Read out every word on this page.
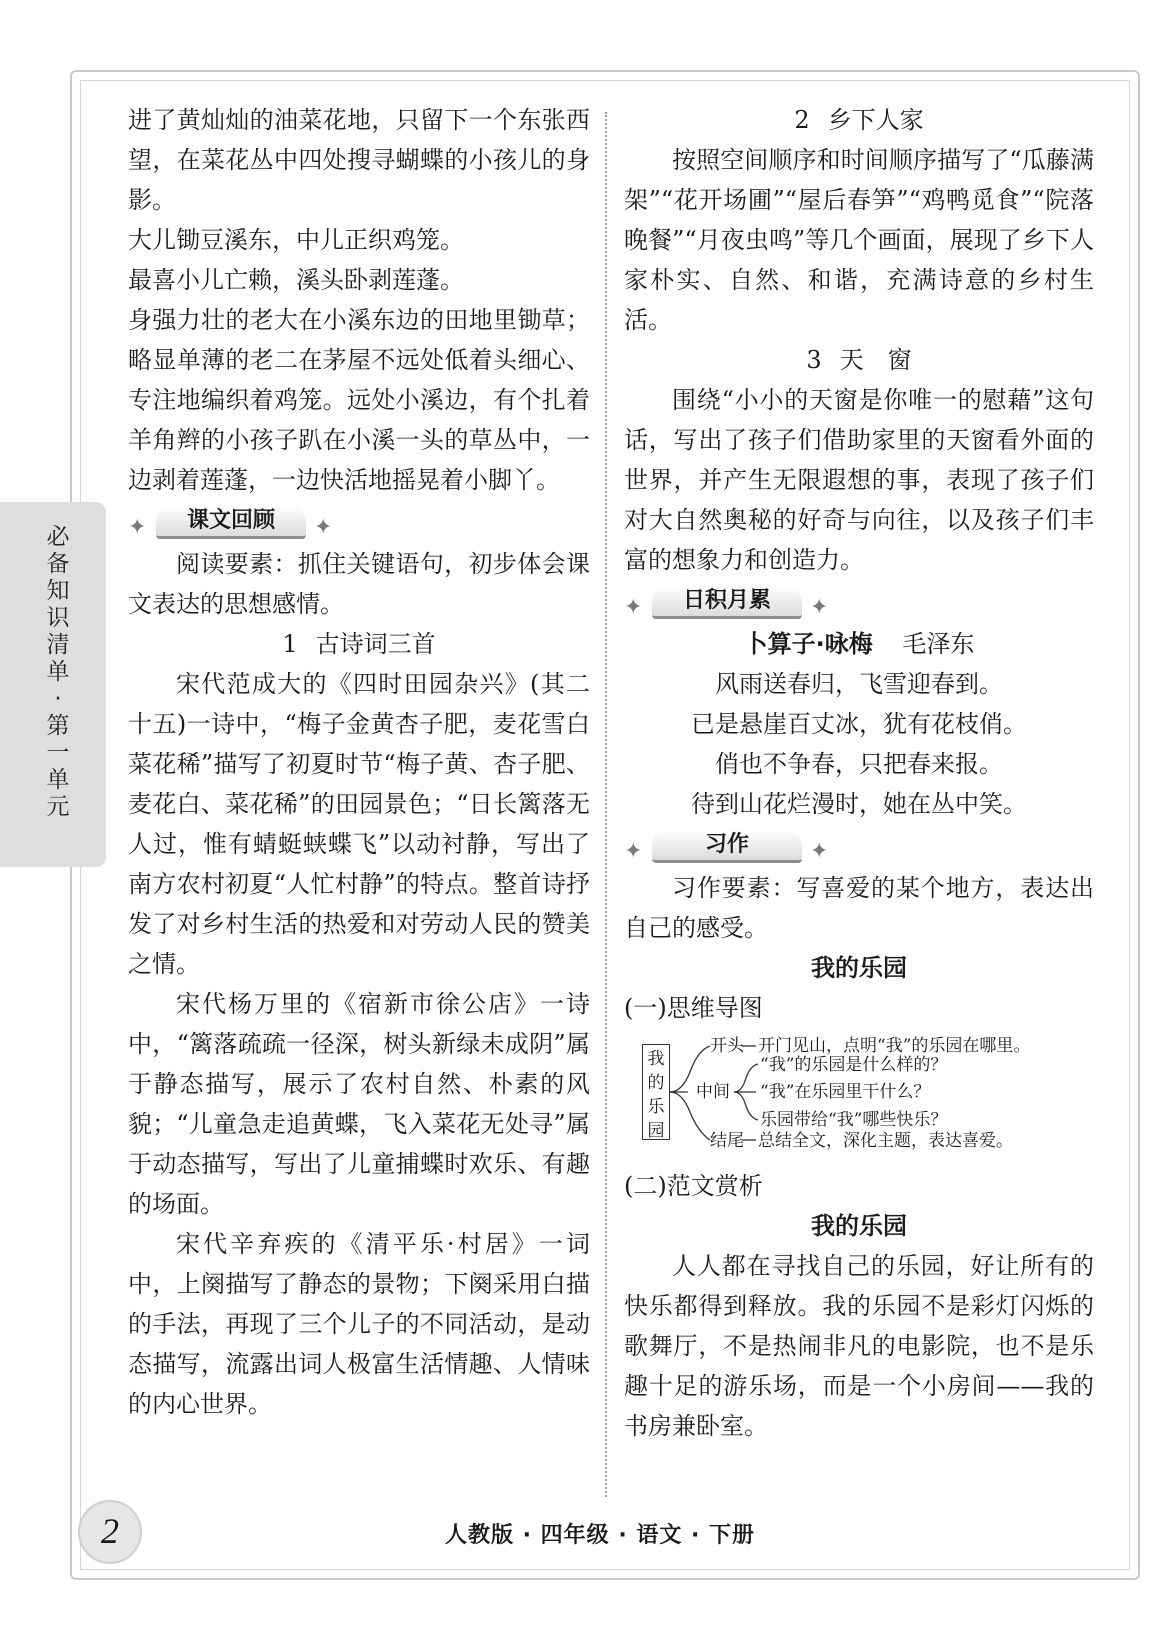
必备知识清单·第一单元

进了黄灿灿的油菜花地，只留下一个东张西望，在菜花丛中四处搜寻蝴蝶的小孩儿的身影。

大儿锄豆溪东，中儿正织鸡笼。

最喜小儿亡赖，溪头卧剥莲蓬。

身强力壮的老大在小溪东边的田地里锄草；略显单薄的老二在茅屋不远处低着头细心、专注地编织着鸡笼。远处小溪边，有个扎着羊角辫的小孩子趴在小溪一头的草丛中，一边剥着莲蓬，一边快活地摇晃着小脚丫。

✦	课文回顾	✦

阅读要素：抓住关键语句，初步体会课文表达的思想感情。

1 古诗词三首

宋代范成大的《四时田园杂兴》(其二十五)一诗中，“梅子金黄杏子肥，麦花雪白菜花稀”描写了初夏时节“梅子黄、杏子肥、麦花白、菜花稀”的田园景色；“日长篱落无人过，惟有蜻蜓蛱蝶飞”以动衬静，写出了南方农村初夏“人忙村静”的特点。整首诗抒发了对乡村生活的热爱和对劳动人民的赞美之情。

宋代杨万里的《宿新市徐公店》一诗中，“篱落疏疏一径深，树头新绿未成阴”属于静态描写，展示了农村自然、朴素的风貌；“儿童急走追黄蝶，飞入菜花无处寻”属于动态描写，写出了儿童捕蝶时欢乐、有趣的场面。

宋代辛弃疾的《清平乐·村居》一词中，上阕描写了静态的景物；下阕采用白描的手法，再现了三个儿子的不同活动，是动态描写，流露出词人极富生活情趣、人情味的内心世界。

2 乡下人家

按照空间顺序和时间顺序描写了“瓜藤满架”“花开场圃”“屋后春笋”“鸡鸭觅食”“院落晚餐”“月夜虫鸣”等几个画面，展现了乡下人家朴实、自然、和谐，充满诗意的乡村生活。

3 天　窗

围绕“小小的天窗是你唯一的慰藉”这句话，写出了孩子们借助家里的天窗看外面的世界，并产生无限遐想的事，表现了孩子们对大自然奥秘的好奇与向往，以及孩子们丰富的想象力和创造力。

✦	日积月累	✦

卜算子·咏梅 毛泽东

风雨送春归，飞雪迎春到。

已是悬崖百丈冰，犹有花枝俏。

俏也不争春，只把春来报。

待到山花烂漫时，她在丛中笑。

✦	习作	✦

习作要素：写喜爱的某个地方，表达出自己的感受。

我的乐园

(一)思维导图

我的乐园
开头 开门见山，点明“我”的乐园在哪里。
中间
“我”的乐园是什么样的？
“我”在乐园里干什么？
乐园带给“我”哪些快乐？
结尾 总结全文，深化主题，表达喜爱。

(二)范文赏析

我的乐园

人人都在寻找自己的乐园，好让所有的快乐都得到释放。我的乐园不是彩灯闪烁的歌舞厅，不是热闹非凡的电影院，也不是乐趣十足的游乐场，而是一个小房间——我的书房兼卧室。

2	人教版 · 四年级 · 语文 · 下册
